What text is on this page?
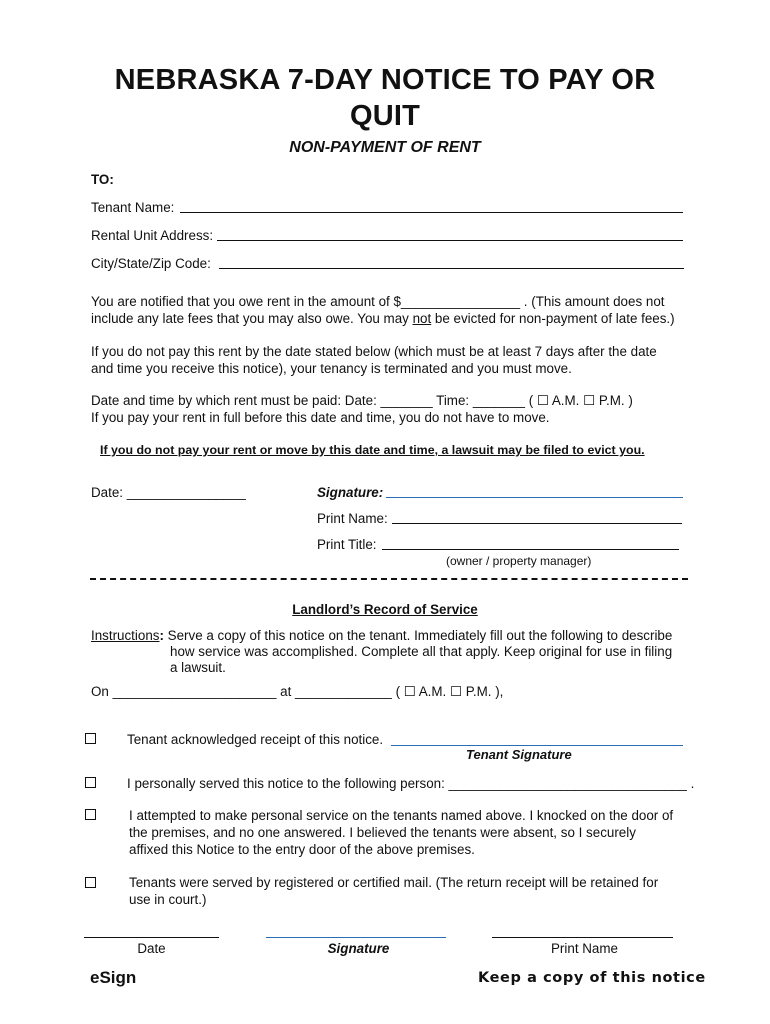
NEBRASKA 7-DAY NOTICE TO PAY OR
QUIT
NON-PAYMENT OF RENT
TO:
Tenant Name:
Rental Unit Address:
City/State/Zip Code:
You are notified that you owe rent in the amount of $________________ . (This amount does not
include any late fees that you may also owe. You may not be evicted for non-payment of late fees.)
If you do not pay this rent by the date stated below (which must be at least 7 days after the date
and time you receive this notice), your tenancy is terminated and you must move.
Date and time by which rent must be paid: Date: _______ Time: _______ ( ☐ A.M. ☐ P.M. )
If you pay your rent in full before this date and time, you do not have to move.
If you do not pay your rent or move by this date and time, a lawsuit may be filed to evict you.
Date: ________________	Signature:
Print Name:
Print Title:
(owner / property manager)
Landlord’s Record of Service
Instructions: Serve a copy of this notice on the tenant. Immediately fill out the following to describe
how service was accomplished. Complete all that apply. Keep original for use in filing
a lawsuit.
On ______________________ at _____________ ( ☐ A.M. ☐ P.M. ),
Tenant acknowledged receipt of this notice.
Tenant Signature
I personally served this notice to the following person: ________________________________ .
I attempted to make personal service on the tenants named above. I knocked on the door of
the premises, and no one answered. I believed the tenants were absent, so I securely
affixed this Notice to the entry door of the above premises.
Tenants were served by registered or certified mail. (The return receipt will be retained for
use in court.)
Date	Signature	Print Name
eSign	Keep a copy of this notice
